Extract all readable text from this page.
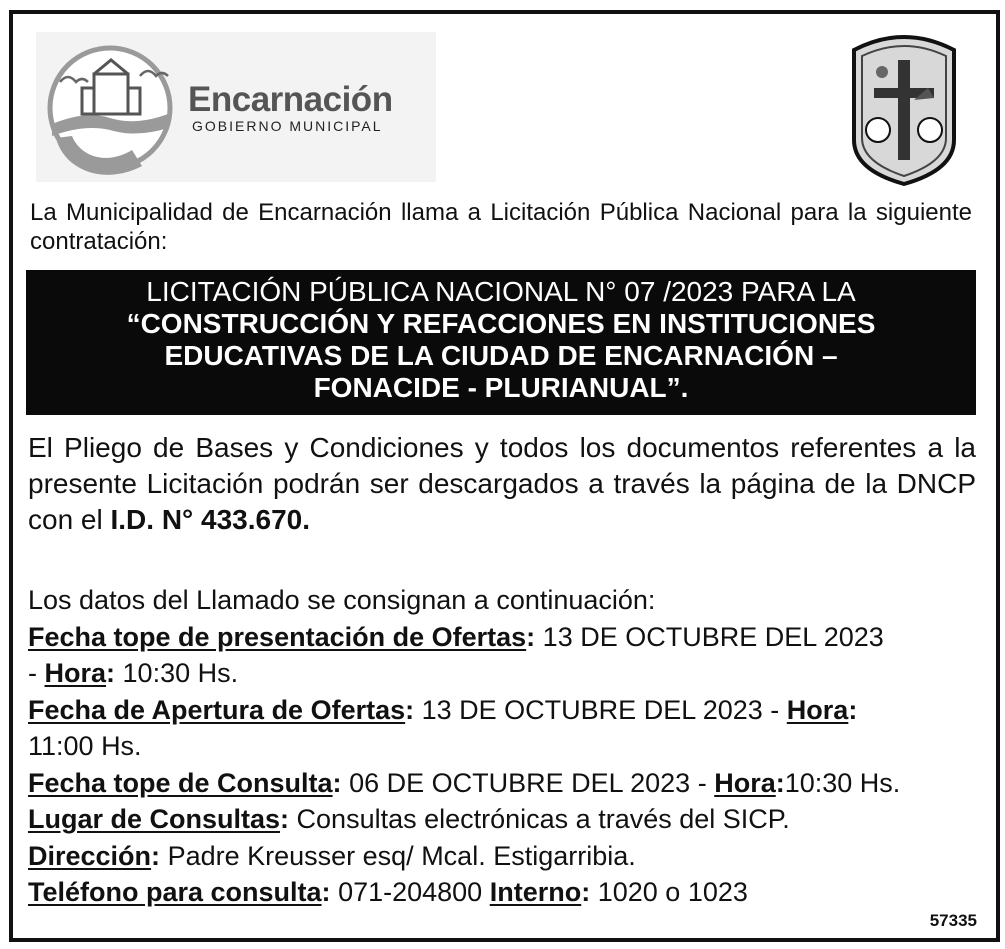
Encarnación
GOBIERNO MUNICIPAL
La Municipalidad de Encarnación llama a Licitación Pública Nacional para la siguiente contratación:
LICITACIÓN PÚBLICA NACIONAL N° 07 /2023 PARA LA
“CONSTRUCCIÓN Y REFACCIONES EN INSTITUCIONES
EDUCATIVAS DE LA CIUDAD DE ENCARNACIÓN –
FONACIDE - PLURIANUAL”.
El Pliego de Bases y Condiciones y todos los documentos referentes a la presente Licitación podrán ser descargados a través la página de la DNCP con el I.D. N° 433.670.
Los datos del Llamado se consignan a continuación:
Fecha tope de presentación de Ofertas: 13 DE OCTUBRE DEL 2023
- Hora: 10:30 Hs.
Fecha de Apertura de Ofertas: 13 DE OCTUBRE DEL 2023 - Hora:
11:00 Hs.
Fecha tope de Consulta: 06 DE OCTUBRE DEL 2023 - Hora:10:30 Hs.
Lugar de Consultas: Consultas electrónicas a través del SICP.
Dirección: Padre Kreusser esq/ Mcal. Estigarribia.
Teléfono para consulta: 071-204800 Interno: 1020 o 1023
57335
